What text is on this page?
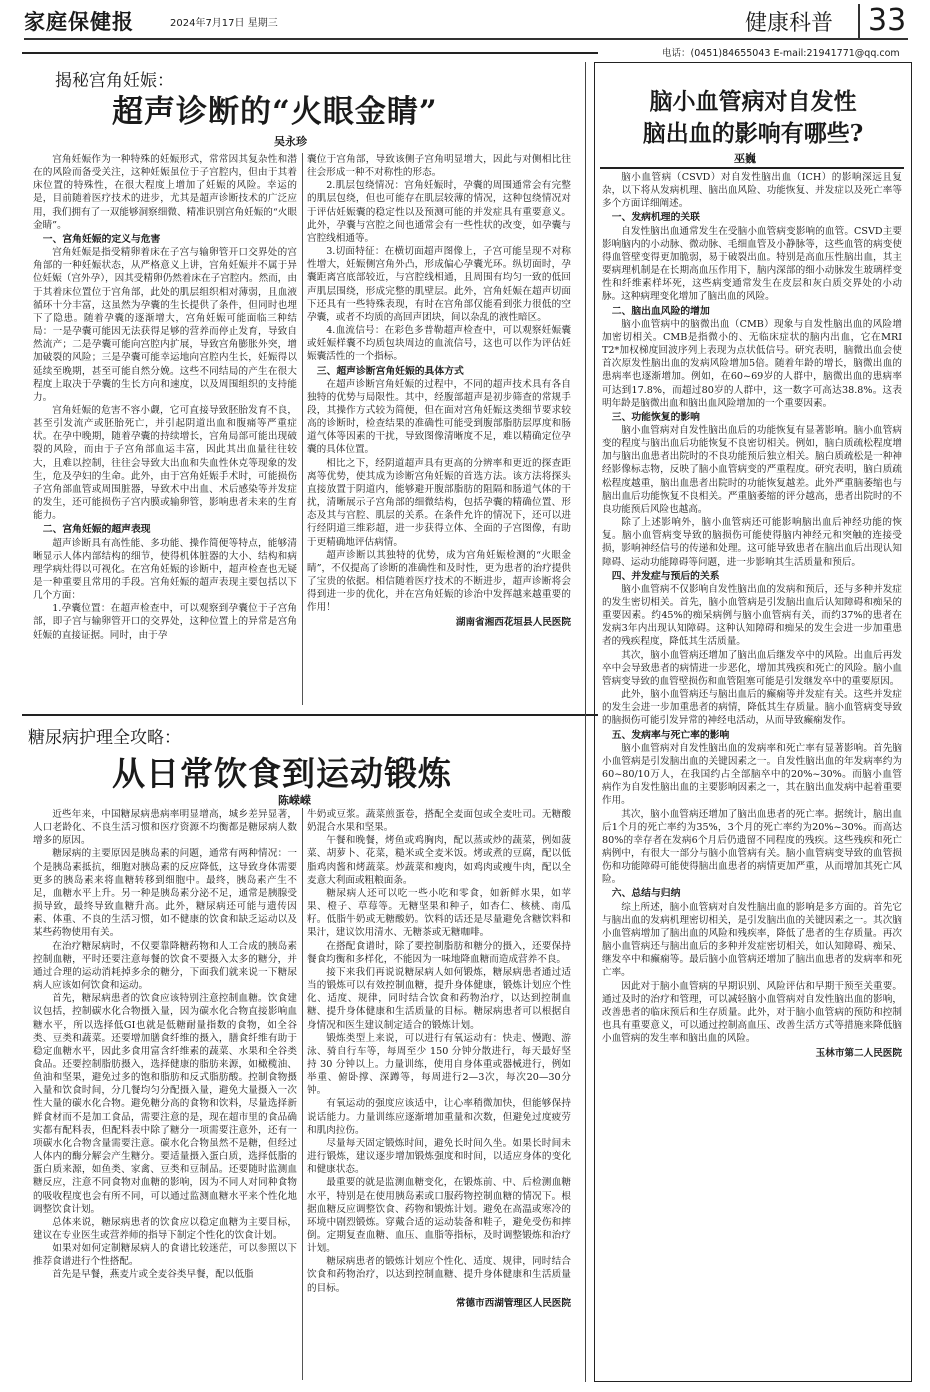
家庭保健报	2024年7月17日 星期三	健康科普 33
电话：(0451)84655043 E-mail:21941771@qq.com
揭秘宫角妊娠：
超声诊断的“火眼金睛”
吴永珍

宫角妊娠作为一种特殊的妊娠形式，常常因其复杂性和潜在的风险而备受关注，这种妊娠虽位于子宫腔内，但由于其着床位置的特殊性，在很大程度上增加了妊娠的风险。幸运的是，目前随着医疗技术的进步，尤其是超声诊断技术的广泛应用，我们拥有了一双能够洞察细微、精准识别宫角妊娠的“火眼金睛”。

一、宫角妊娠的定义与危害

宫角妊娠是指受精卵着床在子宫与输卵管开口交界处的宫角部的一种妊娠状态，从严格意义上讲，宫角妊娠并不属于异位妊娠（宫外孕），因其受精卵仍然着床在子宫腔内。然而，由于其着床位置位于宫角部，此处的肌层组织相对薄弱，且血液循环十分丰富，这虽然为孕囊的生长提供了条件，但同时也埋下了隐患。随着孕囊的逐渐增大，宫角妊娠可能面临三种结局：一是孕囊可能因无法获得足够的营养而停止发育，导致自然流产；二是孕囊可能向宫腔内扩展，导致宫角膨胀外突，增加破裂的风险；三是孕囊可能幸运地向宫腔内生长，妊娠得以延续至晚期，甚至可能自然分娩。这些不同结局的产生在很大程度上取决于孕囊的生长方向和速度，以及周围组织的支持能力。

宫角妊娠的危害不容小觑，它可直接导致胚胎发育不良，甚至引发流产或胚胎死亡，并引起阴道出血和腹痛等严重症状。在孕中晚期，随着孕囊的持续增长，宫角局部可能出现破裂的风险，而由于子宫角部血运丰富，因此其出血量往往较大，且难以控制，往往会导致大出血和失血性休克等现象的发生，危及孕妇的生命。此外，由于宫角妊娠手术时，可能损伤子宫角部血管或周围脏器，导致术中出血、术后感染等并发症的发生，还可能损伤子宫内膜或输卵管，影响患者未来的生育能力。

二、宫角妊娠的超声表现

超声诊断具有高性能、多功能、操作简便等特点，能够清晰显示人体内部结构的细节，使得机体脏器的大小、结构和病理学病灶得以可视化。在宫角妊娠的诊断中，超声检查也无疑是一种重要且常用的手段。宫角妊娠的超声表现主要包括以下几个方面：

1.孕囊位置：在超声检查中，可以观察到孕囊位于子宫角部，即子宫与输卵管开口的交界处，这种位置上的异常是宫角妊娠的直接证据。同时，由于孕

囊位于宫角部，导致该侧子宫角明显增大，因此与对侧相比往往会形成一种不对称性的形态。

2.肌层包绕情况：宫角妊娠时，孕囊的周围通常会有完整的肌层包绕，但也可能存在肌层较薄的情况，这种包绕情况对于评估妊娠囊的稳定性以及预测可能的并发症具有重要意义。此外，孕囊与宫腔之间也通常会有一些性状的改变，如孕囊与宫腔线相通等。

3.切面特征：在横切面超声图像上，子宫可能呈现不对称性增大，妊娠侧宫角外凸，形成偏心孕囊光环。纵切面时，孕囊距离宫底部较近，与宫腔线相通，且周围有均匀一致的低回声肌层围绕，形成完整的肌壁层。此外，宫角妊娠在超声切面下还具有一些特殊表现，有时在宫角部仅能看到张力很低的空孕囊，或者不均质的高回声团块，间以杂乱的液性暗区。

4.血流信号：在彩色多普勒超声检查中，可以观察妊娠囊或妊娠样囊不均质包块周边的血流信号，这也可以作为评估妊娠囊活性的一个指标。

三、超声诊断宫角妊娠的具体方式

在超声诊断宫角妊娠的过程中，不同的超声技术具有各自独特的优势与局限性。其中，经腹部超声是初步筛查的常规手段，其操作方式较为简便，但在面对宫角妊娠这类细节要求较高的诊断时，检查结果的准确性可能受到腹部脂肪层厚度和肠道气体等因素的干扰，导致图像清晰度不足，难以精确定位孕囊的具体位置。

相比之下，经阴道超声具有更高的分辨率和更近的探查距离等优势，使其成为诊断宫角妊娠的首选方法。该方法将探头直接放置于阴道内，能够避开腹部脂肪的阻隔和肠道气体的干扰，清晰展示子宫角部的细微结构，包括孕囊的精确位置、形态及其与宫腔、肌层的关系。在条件允许的情况下，还可以进行经阴道三维彩超，进一步获得立体、全面的子宫图像，有助于更精确地评估病情。

超声诊断以其独特的优势，成为宫角妊娠检测的“火眼金睛”，不仅提高了诊断的准确性和及时性，更为患者的治疗提供了宝贵的依据。相信随着医疗技术的不断进步，超声诊断将会得到进一步的优化，并在宫角妊娠的诊治中发挥越来越重要的作用！

湖南省湘西花垣县人民医院

糖尿病护理全攻略：
从日常饮食到运动锻炼
陈嵘嵘

近些年来，中国糖尿病患病率明显增高，城乡差异显著，人口老龄化、不良生活习惯和医疗资源不均衡都是糖尿病人数增多的原因。

糖尿病的主要原因是胰岛素的问题，通常有两种情况：一个是胰岛素抵抗，细胞对胰岛素的反应降低，这导致身体需要更多的胰岛素来将血糖转移到细胞中。最终，胰岛素产生不足，血糖水平上升。另一种是胰岛素分泌不足，通常是胰腺受损导致，最终导致血糖升高。此外，糖尿病还可能与遗传因素、体重、不良的生活习惯，如不健康的饮食和缺乏运动以及某些药物使用有关。

在治疗糖尿病时，不仅要靠降糖药物和人工合成的胰岛素控制血糖，平时还要注意每餐的饮食不要摄入太多的糖分，并通过合理的运动消耗掉多余的糖分，下面我们就来说一下糖尿病人应该如何饮食和运动。

首先，糖尿病患者的饮食应该特别注意控制血糖。饮食建议包括，控制碳水化合物摄入量，因为碳水化合物直接影响血糖水平，所以选择低GI也就是低糖耐量指数的食物，如全谷类、豆类和蔬菜。还要增加膳食纤维的摄入，膳食纤维有助于稳定血糖水平，因此多食用富含纤维素的蔬菜、水果和全谷类食品。还要控制脂肪摄入，选择健康的脂肪来源，如橄榄油、鱼油和坚果，避免过多的饱和脂肪和反式脂肪酸。控制食物摄入量和饮食时间，分几餐均匀分配摄入量，避免大量摄入一次性大量的碳水化合物。避免糖分高的食物和饮料，尽量选择新鲜食材而不是加工食品，需要注意的是，现在超市里的食品确实都有配料表，但配料表中除了糖分一项需要注意外，还有一项碳水化合物含量需要注意。碳水化合物虽然不是糖，但经过人体内的酶分解会产生糖分。要适量摄入蛋白质，选择低脂的蛋白质来源，如鱼类、家禽、豆类和豆制品。还要随时监测血糖反应，注意不同食物对血糖的影响，因为不同人对同种食物的吸收程度也会有所不同，可以通过监测血糖水平来个性化地调整饮食计划。

总体来说，糖尿病患者的饮食应以稳定血糖为主要目标，建议在专业医生或营养师的指导下制定个性化的饮食计划。

如果对如何定制糖尿病人的食谱比较迷茫，可以参照以下推荐食谱进行个性搭配。

首先是早餐，燕麦片或全麦谷类早餐，配以低脂

牛奶或豆浆。蔬菜煎蛋卷，搭配全麦面包或全麦吐司。无糖酸奶混合水果和坚果。

午餐和晚餐，烤鱼或鸡胸肉，配以蒸或炒的蔬菜，例如菠菜、胡萝卜、花菜，糙米或全麦米饭。烤或煮的豆腐，配以低脂鸡肉酱和烤蔬菜。炒蔬菜和瘦肉，如鸡肉或瘦牛肉，配以全麦意大利面或粗粮面条。

糖尿病人还可以吃一些小吃和零食，如新鲜水果，如苹果、橙子、草莓等。无糖坚果和种子，如杏仁、核桃、南瓜籽。低脂牛奶或无糖酸奶。饮料的话还是尽量避免含糖饮料和果汁，建议饮用清水、无糖茶或无糖咖啡。

在搭配食谱时，除了要控制脂肪和糖分的摄入，还要保持餐食均衡和多样化，不能因为一味地降血糖而造成营养不良。

接下来我们再说说糖尿病人如何锻炼，糖尿病患者通过适当的锻炼可以有效控制血糖，提升身体健康，锻炼计划应个性化、适度、规律，同时结合饮食和药物治疗，以达到控制血糖、提升身体健康和生活质量的目标。糖尿病患者可以根据自身情况和医生建议制定适合的锻炼计划。

锻炼类型上来说，可以进行有氧运动有：快走、慢跑、游泳、骑自行车等，每周至少 150 分钟分散进行，每天最好坚持 30 分钟以上。力量训练，使用自身体重或器械进行，例如举重、俯卧撑、深蹲等，每周进行2—3次，每次20—30分钟。

有氧运动的强度应该适中，让心率稍微加快，但能够保持说话能力。力量训练应逐渐增加重量和次数，但避免过度疲劳和肌肉拉伤。

尽量每天固定锻炼时间，避免长时间久坐。如果长时间未进行锻炼，建议逐步增加锻炼强度和时间，以适应身体的变化和健康状态。

最重要的就是监测血糖变化，在锻炼前、中、后检测血糖水平，特别是在使用胰岛素或口服药物控制血糖的情况下。根据血糖反应调整饮食、药物和锻炼计划。避免在高温或寒冷的环境中剧烈锻炼。穿戴合适的运动装备和鞋子，避免受伤和摔倒。定期复查血糖、血压、血脂等指标，及时调整锻炼和治疗计划。

糖尿病患者的锻炼计划应个性化、适度、规律，同时结合饮食和药物治疗，以达到控制血糖、提升身体健康和生活质量的目标。

常德市西湖管理区人民医院

脑小血管病对自发性
脑出血的影响有哪些?
巫巍

脑小血管病（CSVD）对自发性脑出血（ICH）的影响深远且复杂，以下将从发病机理、脑出血风险、功能恢复、并发症以及死亡率等多个方面详细阐述。

一、发病机理的关联

自发性脑出血通常发生在受脑小血管病变影响的血管。CSVD主要影响脑内的小动脉、微动脉、毛细血管及小静脉等，这些血管的病变使得血管壁变得更加脆弱，易于破裂出血。特别是高血压性脑出血，其主要病理机制是在长期高血压作用下，脑内深部的细小动脉发生玻璃样变性和纤维素样坏死，这些病变通常发生在皮层和灰白质交界处的小动脉。这种病理变化增加了脑出血的风险。

二、脑出血风险的增加

脑小血管病中的脑微出血（CMB）现象与自发性脑出血的风险增加密切相关。CMB是指微小的、无临床症状的脑内出血，它在MRI T2*加权梯度回波序列上表现为点状低信号。研究表明，脑微出血会使首次原发性脑出血的发病风险增加5倍。随着年龄的增长，脑微出血的患病率也逐渐增加。例如，在60~69岁的人群中，脑微出血的患病率可达到17.8%，而超过80岁的人群中，这一数字可高达38.8%。这表明年龄是脑微出血和脑出血风险增加的一个重要因素。

三、功能恢复的影响

脑小血管病对自发性脑出血后的功能恢复有显著影响。脑小血管病变的程度与脑出血后功能恢复不良密切相关。例如，脑白质疏松程度增加与脑出血患者出院时的不良功能预后独立相关。脑白质疏松是一种神经影像标志物，反映了脑小血管病变的严重程度。研究表明，脑白质疏松程度越重，脑出血患者出院时的功能恢复越差。此外严重脑萎缩也与脑出血后功能恢复不良相关。严重脑萎缩的评分越高，患者出院时的不良功能预后风险也越高。

除了上述影响外，脑小血管病还可能影响脑出血后神经功能的恢复。脑小血管病变导致的脑损伤可能使得脑内神经元和突触的连接受损，影响神经信号的传递和处理。这可能导致患者在脑出血后出现认知障碍、运动功能障碍等问题，进一步影响其生活质量和预后。

四、并发症与预后的关系

脑小血管病不仅影响自发性脑出血的发病和预后，还与多种并发症的发生密切相关。首先，脑小血管病是引发脑出血后认知障碍和痴呆的重要因素。约45%的痴呆病例与脑小血管病有关，而约37%的患者在发病3年内出现认知障碍。这种认知障碍和痴呆的发生会进一步加重患者的残疾程度，降低其生活质量。

其次，脑小血管病还增加了脑出血后继发卒中的风险。出血后再发卒中会导致患者的病情进一步恶化，增加其残疾和死亡的风险。脑小血管病变导致的血管壁损伤和血管阻塞可能是引发继发卒中的重要原因。

此外，脑小血管病还与脑出血后的癫痫等并发症有关。这些并发症的发生会进一步加重患者的病情，降低其生存质量。脑小血管病变导致的脑损伤可能引发异常的神经电活动，从而导致癫痫发作。

五、发病率与死亡率的影响

脑小血管病对自发性脑出血的发病率和死亡率有显著影响。首先脑小血管病是引发脑出血的关键因素之一。自发性脑出血的年发病率约为60~80/10万人，在我国约占全部脑卒中的20%~30%。而脑小血管病作为自发性脑出血的主要影响因素之一，其在脑出血发病中起着重要作用。

其次，脑小血管病还增加了脑出血患者的死亡率。据统计，脑出血后1个月的死亡率约为35%，3个月的死亡率约为20%~30%。而高达80%的幸存者在发病6个月后仍遗留不同程度的残疾。这些残疾和死亡病例中，有很大一部分与脑小血管病有关。脑小血管病变导致的血管损伤和功能障碍可能使得脑出血患者的病情更加严重，从而增加其死亡风险。

六、总结与归纳

综上所述，脑小血管病对自发性脑出血的影响是多方面的。首先它与脑出血的发病机理密切相关，是引发脑出血的关键因素之一。其次脑小血管病增加了脑出血的风险和残疾率，降低了患者的生存质量。再次脑小血管病还与脑出血后的多种并发症密切相关，如认知障碍、痴呆、继发卒中和癫痫等。最后脑小血管病还增加了脑出血患者的发病率和死亡率。

因此对于脑小血管病的早期识别、风险评估和早期干预至关重要。通过及时的治疗和管理，可以减轻脑小血管病对自发性脑出血的影响，改善患者的临床预后和生存质量。此外，对于脑小血管病的预防和控制也具有重要意义，可以通过控制高血压、改善生活方式等措施来降低脑小血管病的发生率和脑出血的风险。

玉林市第二人民医院
